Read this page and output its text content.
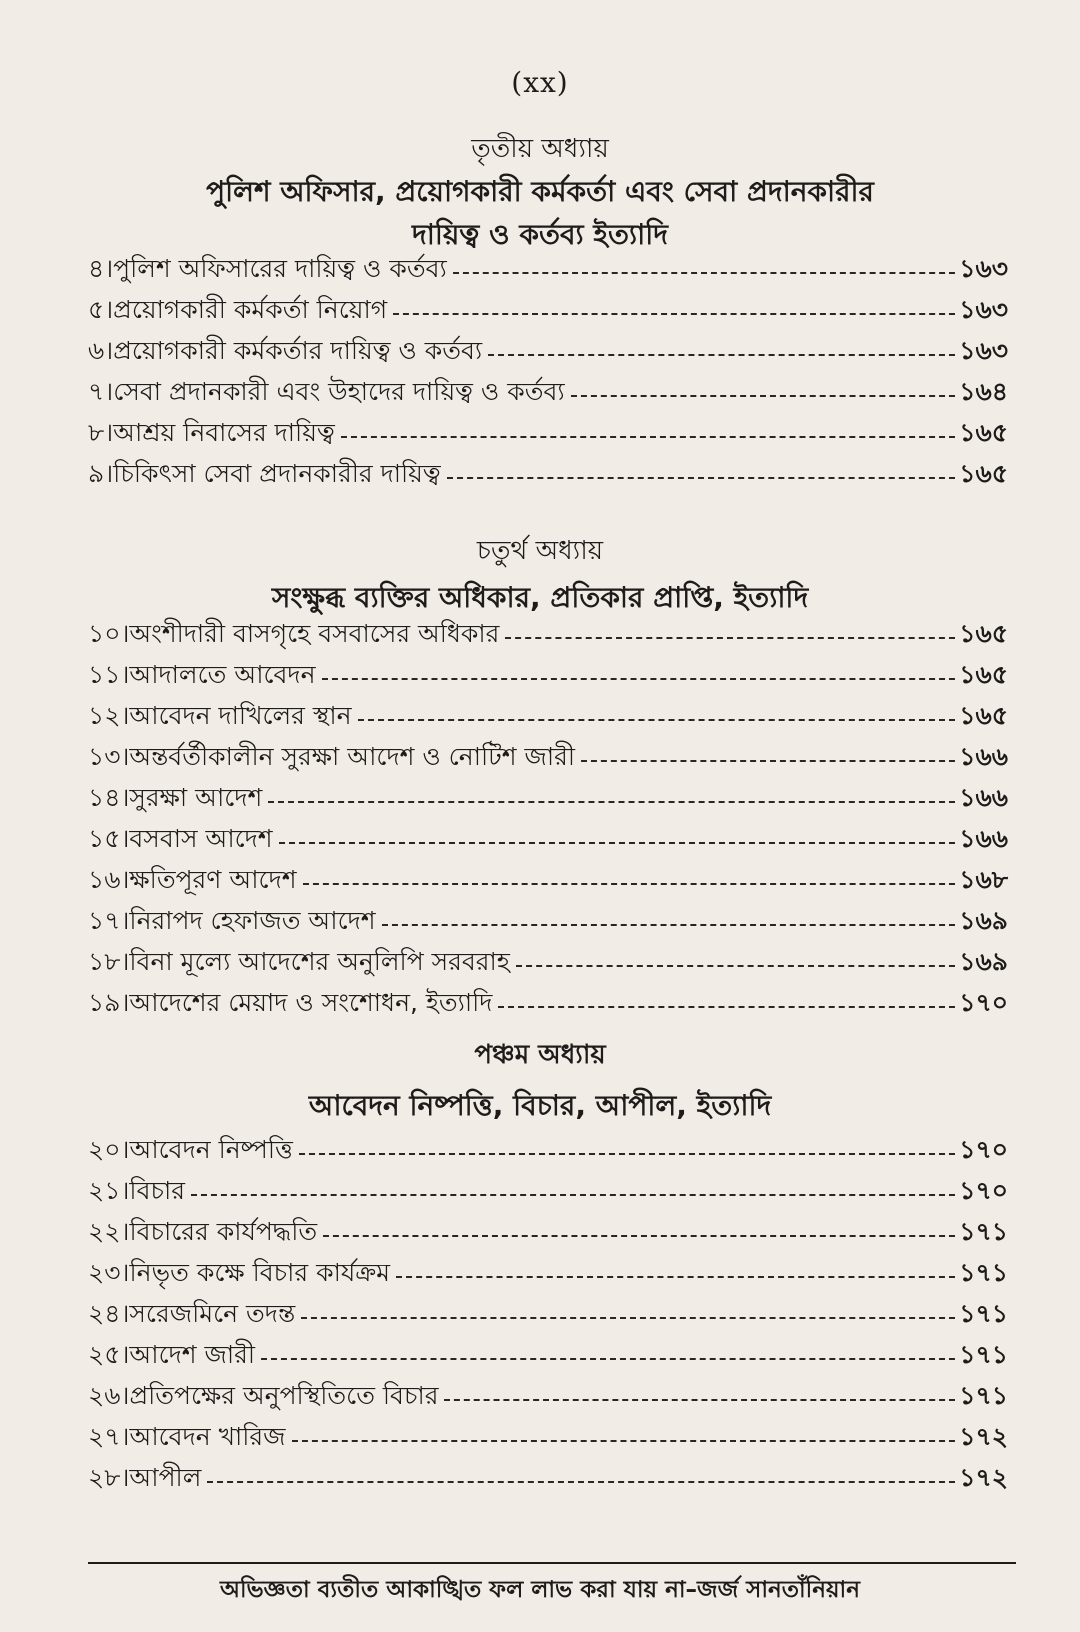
(xx)
তৃতীয় অধ্যায়
পুলিশ অফিসার, প্রয়োগকারী কর্মকর্তা এবং সেবা প্রদানকারীর
দায়িত্ব ও কর্তব্য ইত্যাদি
৪। পুলিশ অফিসারের দায়িত্ব ও কর্তব্য	১৬৩
৫। প্রয়োগকারী কর্মকর্তা নিয়োগ	১৬৩
৬। প্রয়োগকারী কর্মকর্তার দায়িত্ব ও কর্তব্য	১৬৩
৭। সেবা প্রদানকারী এবং উহাদের দায়িত্ব ও কর্তব্য	১৬৪
৮। আশ্রয় নিবাসের দায়িত্ব	১৬৫
৯। চিকিৎসা সেবা প্রদানকারীর দায়িত্ব	১৬৫
চতুর্থ অধ্যায়
সংক্ষুব্ধ ব্যক্তির অধিকার, প্রতিকার প্রাপ্তি, ইত্যাদি
১০। অংশীদারী বাসগৃহে বসবাসের অধিকার	১৬৫
১১। আদালতে আবেদন	১৬৫
১২। আবেদন দাখিলের স্থান	১৬৫
১৩। অন্তর্বর্তীকালীন সুরক্ষা আদেশ ও নোটিশ জারী	১৬৬
১৪। সুরক্ষা আদেশ	১৬৬
১৫। বসবাস আদেশ	১৬৬
১৬। ক্ষতিপূরণ আদেশ	১৬৮
১৭। নিরাপদ হেফাজত আদেশ	১৬৯
১৮। বিনা মূল্যে আদেশের অনুলিপি সরবরাহ	১৬৯
১৯। আদেশের মেয়াদ ও সংশোধন, ইত্যাদি	১৭০
পঞ্চম অধ্যায়
আবেদন নিষ্পত্তি, বিচার, আপীল, ইত্যাদি
২০। আবেদন নিষ্পত্তি	১৭০
২১। বিচার	১৭০
২২। বিচারের কার্যপদ্ধতি	১৭১
২৩। নিভৃত কক্ষে বিচার কার্যক্রম	১৭১
২৪। সরেজমিনে তদন্ত	১৭১
২৫। আদেশ জারী	১৭১
২৬। প্রতিপক্ষের অনুপস্থিতিতে বিচার	১৭১
২৭। আবেদন খারিজ	১৭২
২৮। আপীল	১৭২
অভিজ্ঞতা ব্যতীত আকাঙ্খিত ফল লাভ করা যায় না–জর্জ সানতাঁনিয়ান
